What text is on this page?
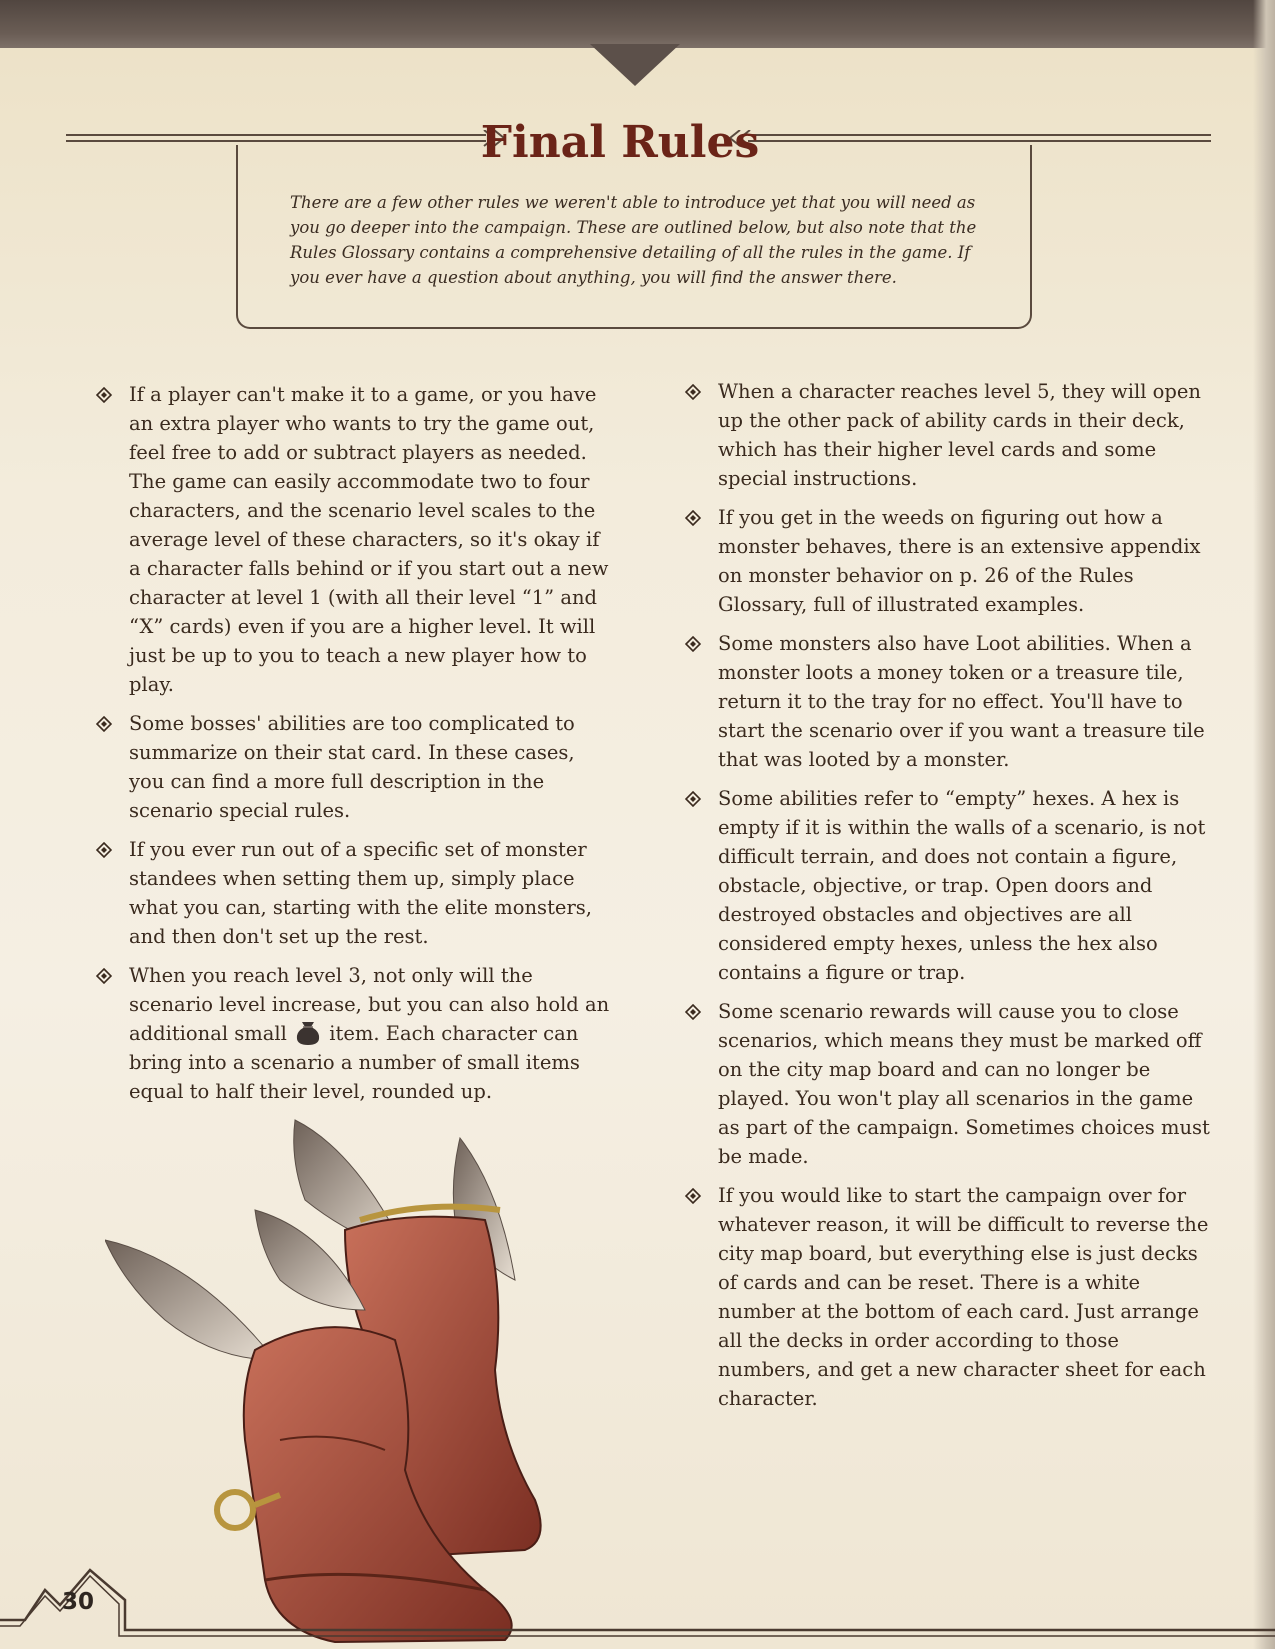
Final Rules
There are a few other rules we weren't able to introduce yet that you will need as you go deeper into the campaign. These are outlined below, but also note that the Rules Glossary contains a comprehensive detailing of all the rules in the game. If you ever have a question about anything, you will find the answer there.
If a player can't make it to a game, or you have an extra player who wants to try the game out, feel free to add or subtract players as needed. The game can easily accommodate two to four characters, and the scenario level scales to the average level of these characters, so it's okay if a character falls behind or if you start out a new character at level 1 (with all their level “1” and “X” cards) even if you are a higher level. It will just be up to you to teach a new player how to play.
Some bosses' abilities are too complicated to summarize on their stat card. In these cases, you can find a more full description in the scenario special rules.
If you ever run out of a specific set of monster standees when setting them up, simply place what you can, starting with the elite monsters, and then don't set up the rest.
When you reach level 3, not only will the scenario level increase, but you can also hold an additional small item. Each character can bring into a scenario a number of small items equal to half their level, rounded up.
When a character reaches level 5, they will open up the other pack of ability cards in their deck, which has their higher level cards and some special instructions.
If you get in the weeds on figuring out how a monster behaves, there is an extensive appendix on monster behavior on p. 26 of the Rules Glossary, full of illustrated examples.
Some monsters also have Loot abilities. When a monster loots a money token or a treasure tile, return it to the tray for no effect. You'll have to start the scenario over if you want a treasure tile that was looted by a monster.
Some abilities refer to “empty” hexes. A hex is empty if it is within the walls of a scenario, is not difficult terrain, and does not contain a figure, obstacle, objective, or trap. Open doors and destroyed obstacles and objectives are all considered empty hexes, unless the hex also contains a figure or trap.
Some scenario rewards will cause you to close scenarios, which means they must be marked off on the city map board and can no longer be played. You won't play all scenarios in the game as part of the campaign. Sometimes choices must be made.
If you would like to start the campaign over for whatever reason, it will be difficult to reverse the city map board, but everything else is just decks of cards and can be reset. There is a white number at the bottom of each card. Just arrange all the decks in order according to those numbers, and get a new character sheet for each character.
30
